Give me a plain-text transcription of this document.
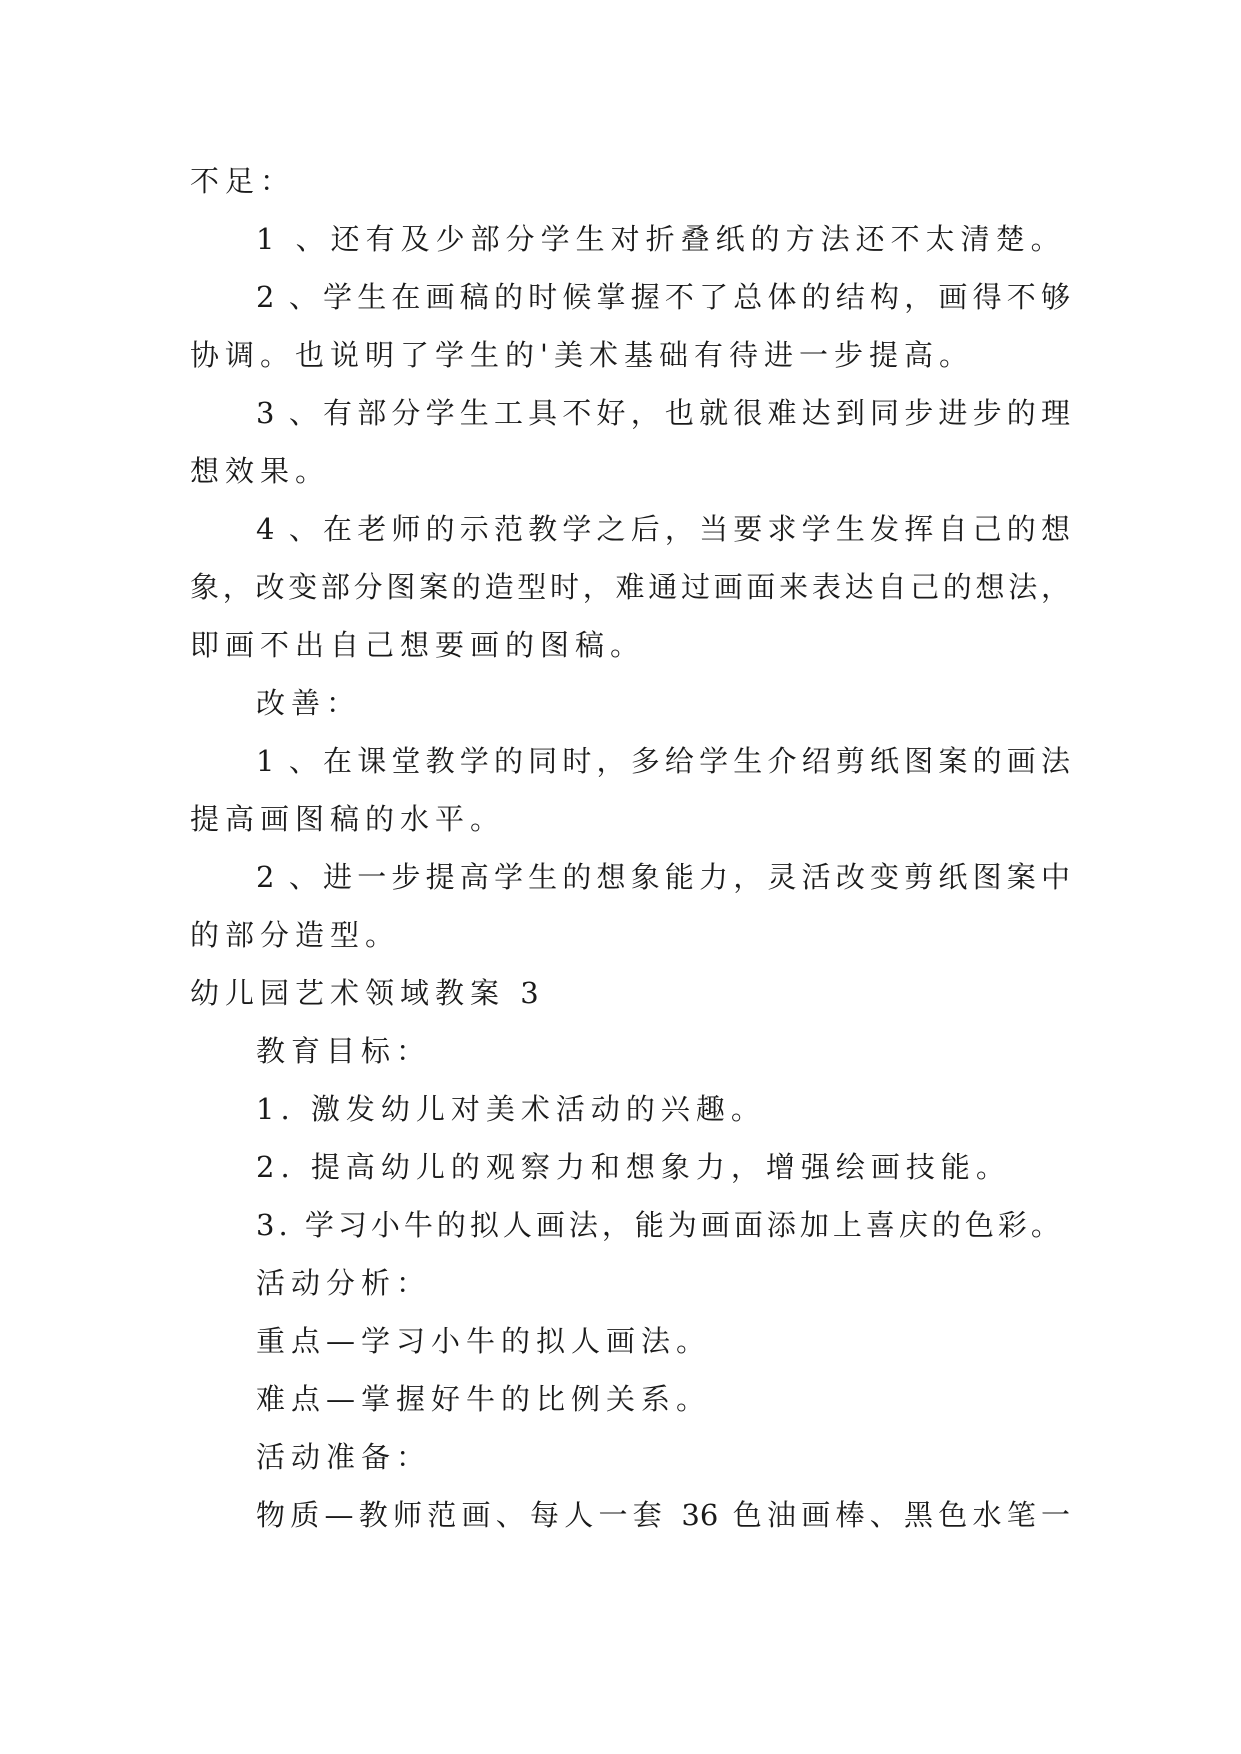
不足：
1 、还有及少部分学生对折叠纸的方法还不太清楚。
2 、学生在画稿的时候掌握不了总体的结构，画得不够
协调。也说明了学生的'美术基础有待进一步提高。
3 、有部分学生工具不好，也就很难达到同步进步的理
想效果。
4 、在老师的示范教学之后，当要求学生发挥自己的想
象，改变部分图案的造型时，难通过画面来表达自己的想法，
即画不出自己想要画的图稿。
改善：
1 、在课堂教学的同时，多给学生介绍剪纸图案的画法
提高画图稿的水平。
2 、进一步提高学生的想象能力，灵活改变剪纸图案中
的部分造型。
幼儿园艺术领域教案 3
教育目标：
1. 激发幼儿对美术活动的兴趣。
2. 提高幼儿的观察力和想象力，增强绘画技能。
3. 学习小牛的拟人画法，能为画面添加上喜庆的色彩。
活动分析：
重点—学习小牛的拟人画法。
难点—掌握好牛的比例关系。
活动准备：
物质—教师范画、每人一套 36 色油画棒、黑色水笔一
